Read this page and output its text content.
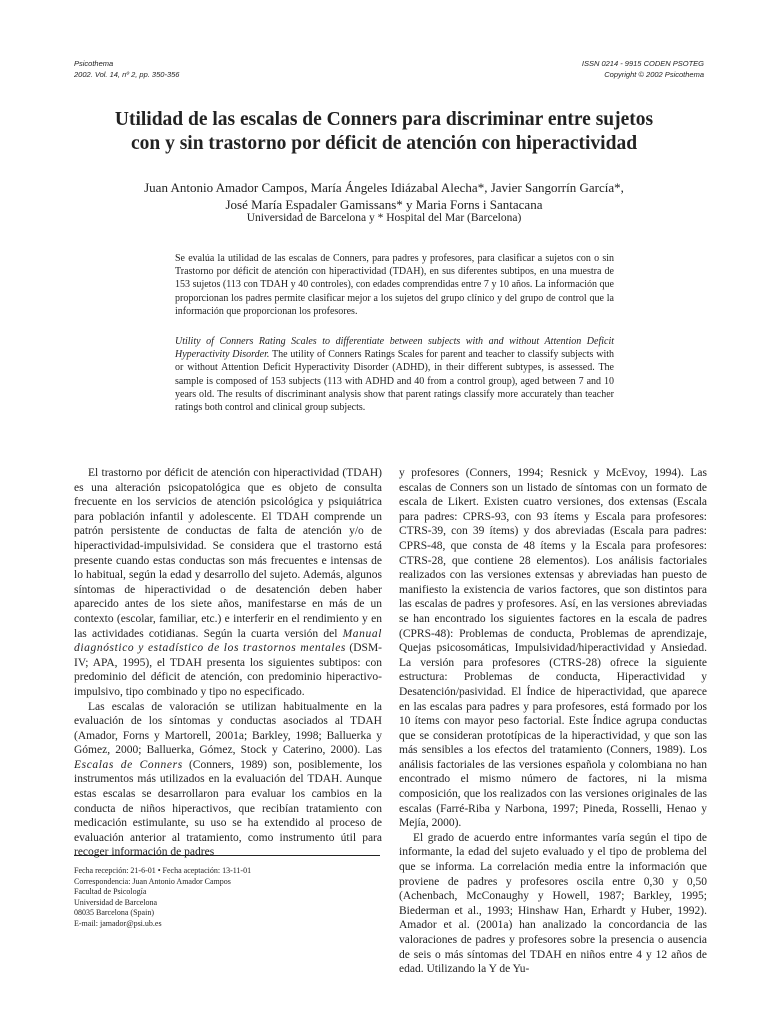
Psicothema
2002. Vol. 14, nº 2, pp. 350-356
ISSN 0214 - 9915 CODEN PSOTEG
Copyright © 2002 Psicothema
Utilidad de las escalas de Conners para discriminar entre sujetos
con y sin trastorno por déficit de atención con hiperactividad
Juan Antonio Amador Campos, María Ángeles Idiázabal Alecha*, Javier Sangorrín García*,
José María Espadaler Gamissans* y Maria Forns i Santacana
Universidad de Barcelona y * Hospital del Mar (Barcelona)
Se evalúa la utilidad de las escalas de Conners, para padres y profesores, para clasificar a sujetos con o sin Trastorno por déficit de atención con hiperactividad (TDAH), en sus diferentes subtipos, en una muestra de 153 sujetos (113 con TDAH y 40 controles), con edades comprendidas entre 7 y 10 años. La información que proporcionan los padres permite clasificar mejor a los sujetos del grupo clínico y del grupo de control que la información que proporcionan los profesores.
Utility of Conners Rating Scales to differentiate between subjects with and without Attention Deficit Hyperactivity Disorder. The utility of Conners Ratings Scales for parent and teacher to classify subjects with or without Attention Deficit Hyperactivity Disorder (ADHD), in their different subtypes, is assessed. The sample is composed of 153 subjects (113 with ADHD and 40 from a control group), aged between 7 and 10 years old. The results of discriminant analysis show that parent ratings classify more accurately than teacher ratings both control and clinical group subjects.

El trastorno por déficit de atención con hiperactividad (TDAH) es una alteración psicopatológica que es objeto de consulta frecuente en los servicios de atención psicológica y psiquiátrica para población infantil y adolescente. El TDAH comprende un patrón persistente de conductas de falta de atención y/o de hiperactividad-impulsividad. Se considera que el trastorno está presente cuando estas conductas son más frecuentes e intensas de lo habitual, según la edad y desarrollo del sujeto. Además, algunos síntomas de hiperactividad o de desatención deben haber aparecido antes de los siete años, manifestarse en más de un contexto (escolar, familiar, etc.) e interferir en el rendimiento y en las actividades cotidianas. Según la cuarta versión del Manual diagnóstico y estadístico de los trastornos mentales (DSM-IV; APA, 1995), el TDAH presenta los siguientes subtipos: con predominio del déficit de atención, con predominio hiperactivo-impulsivo, tipo combinado y tipo no especificado.

Las escalas de valoración se utilizan habitualmente en la evaluación de los síntomas y conductas asociados al TDAH (Amador, Forns y Martorell, 2001a; Barkley, 1998; Balluerka y Gómez, 2000; Balluerka, Gómez, Stock y Caterino, 2000). Las Escalas de Conners (Conners, 1989) son, posiblemente, los instrumentos más utilizados en la evaluación del TDAH. Aunque estas escalas se desarrollaron para evaluar los cambios en la conducta de niños hiperactivos, que recibían tratamiento con medicación estimulante, su uso se ha extendido al proceso de evaluación anterior al tratamiento, como instrumento útil para recoger información de padres

y profesores (Conners, 1994; Resnick y McEvoy, 1994). Las escalas de Conners son un listado de síntomas con un formato de escala de Likert. Existen cuatro versiones, dos extensas (Escala para padres: CPRS-93, con 93 ítems y Escala para profesores: CTRS-39, con 39 ítems) y dos abreviadas (Escala para padres: CPRS-48, que consta de 48 ítems y la Escala para profesores: CTRS-28, que contiene 28 elementos). Los análisis factoriales realizados con las versiones extensas y abreviadas han puesto de manifiesto la existencia de varios factores, que son distintos para las escalas de padres y profesores. Así, en las versiones abreviadas se han encontrado los siguientes factores en la escala de padres (CPRS-48): Problemas de conducta, Problemas de aprendizaje, Quejas psicosomáticas, Impulsividad/hiperactividad y Ansiedad. La versión para profesores (CTRS-28) ofrece la siguiente estructura: Problemas de conducta, Hiperactividad y Desatención/pasividad. El Índice de hiperactividad, que aparece en las escalas para padres y para profesores, está formado por los 10 ítems con mayor peso factorial. Este Índice agrupa conductas que se consideran prototípicas de la hiperactividad, y que son las más sensibles a los efectos del tratamiento (Conners, 1989). Los análisis factoriales de las versiones española y colombiana no han encontrado el mismo número de factores, ni la misma composición, que los realizados con las versiones originales de las escalas (Farré-Riba y Narbona, 1997; Pineda, Rosselli, Henao y Mejía, 2000).

El grado de acuerdo entre informantes varía según el tipo de informante, la edad del sujeto evaluado y el tipo de problema del que se informa. La correlación media entre la información que proviene de padres y profesores oscila entre 0,30 y 0,50 (Achenbach, McConaughy y Howell, 1987; Barkley, 1995; Biederman et al., 1993; Hinshaw Han, Erhardt y Huber, 1992). Amador et al. (2001a) han analizado la concordancia de las valoraciones de padres y profesores sobre la presencia o ausencia de seis o más síntomas del TDAH en niños entre 4 y 12 años de edad. Utilizando la Y de Yu-

Fecha recepción: 21-6-01 • Fecha aceptación: 13-11-01
Correspondencia: Juan Antonio Amador Campos
Facultad de Psicología
Universidad de Barcelona
08035 Barcelona (Spain)
E-mail: jamador@psi.ub.es
